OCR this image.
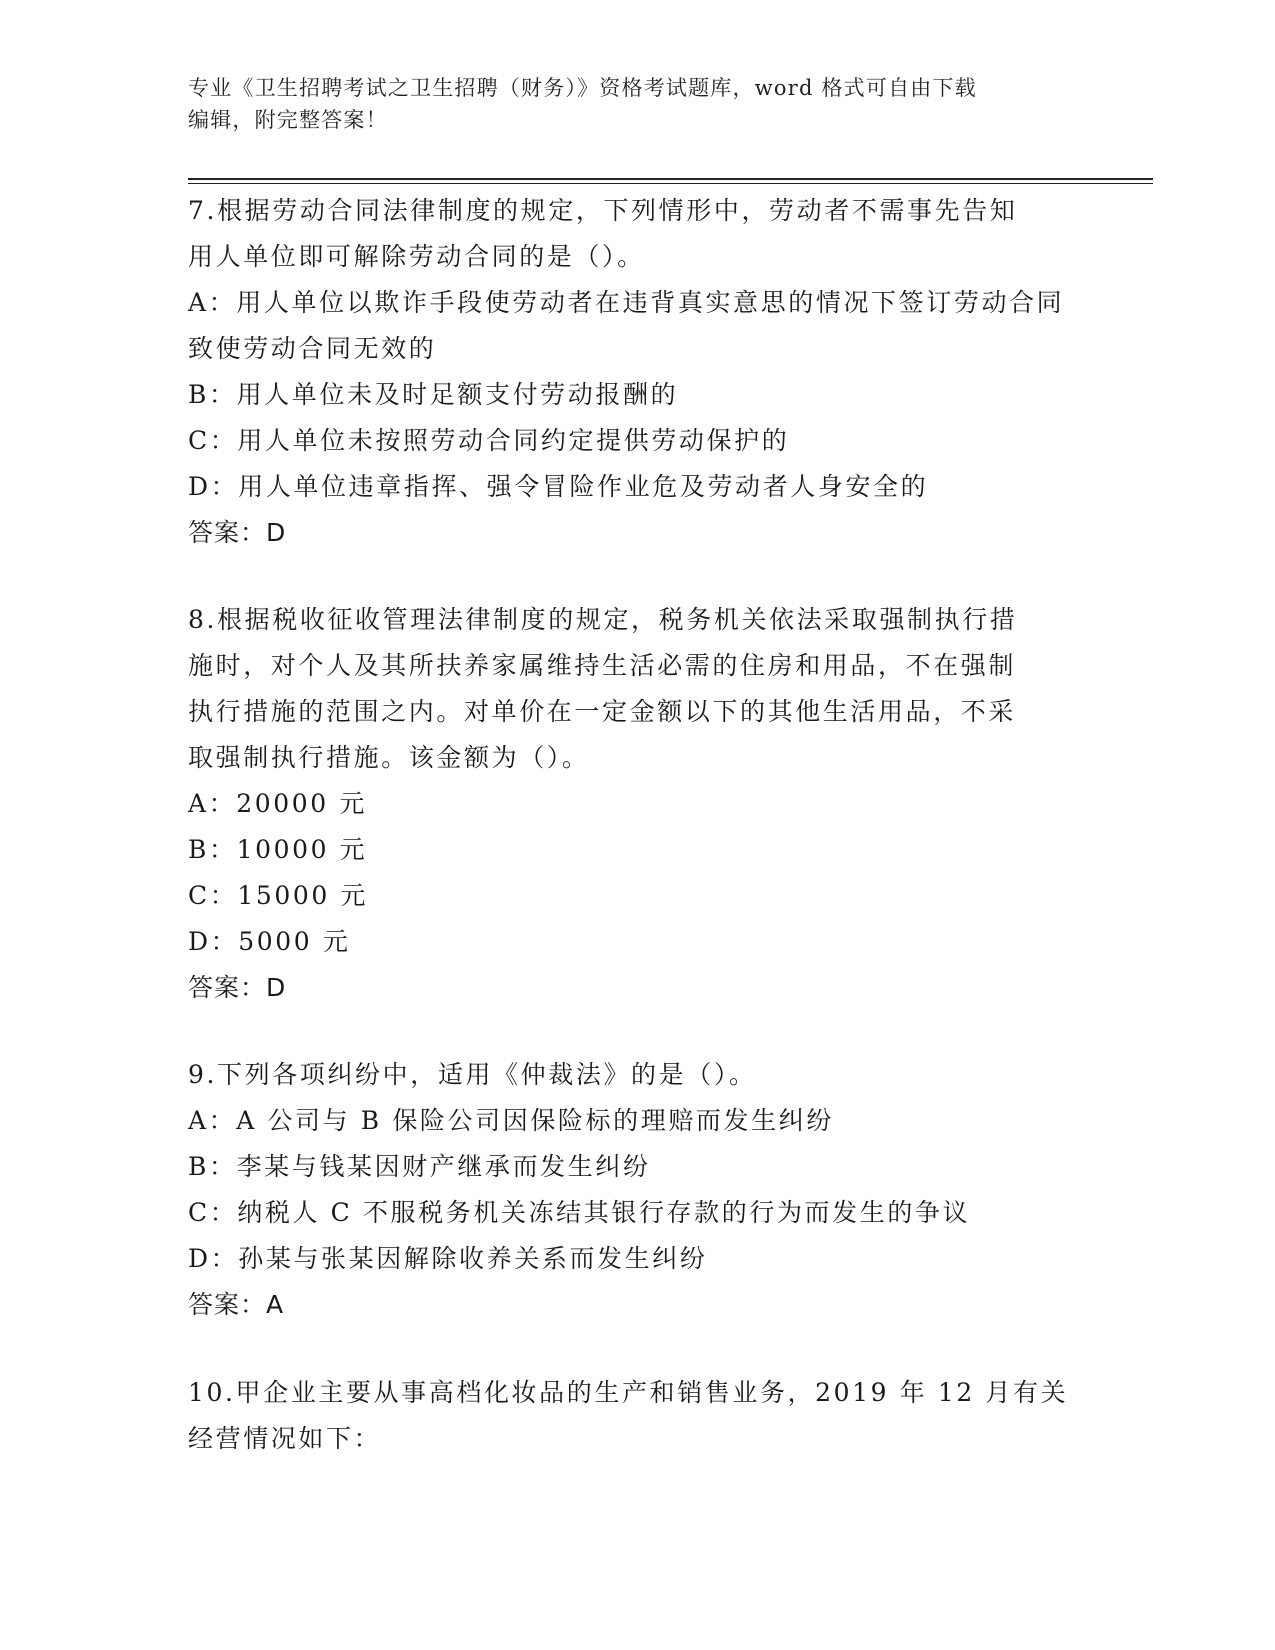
专业《卫生招聘考试之卫生招聘（财务）》资格考试题库，word 格式可自由下载
编辑，附完整答案！

7.根据劳动合同法律制度的规定，下列情形中，劳动者不需事先告知

用人单位即可解除劳动合同的是（）。

A：用人单位以欺诈手段使劳动者在违背真实意思的情况下签订劳动合同致使劳动合同无效的

B：用人单位未及时足额支付劳动报酬的

C：用人单位未按照劳动合同约定提供劳动保护的

D：用人单位违章指挥、强令冒险作业危及劳动者人身安全的

答案：D

8.根据税收征收管理法律制度的规定，税务机关依法采取强制执行措

施时，对个人及其所扶养家属维持生活必需的住房和用品，不在强制

执行措施的范围之内。对单价在一定金额以下的其他生活用品，不采

取强制执行措施。该金额为（）。

A：20000 元

B：10000 元

C：15000 元

D：5000 元

答案：D

9.下列各项纠纷中，适用《仲裁法》的是（）。

A：A 公司与 B 保险公司因保险标的理赔而发生纠纷

B：李某与钱某因财产继承而发生纠纷

C：纳税人 C 不服税务机关冻结其银行存款的行为而发生的争议

D：孙某与张某因解除收养关系而发生纠纷

答案：A

10.甲企业主要从事高档化妆品的生产和销售业务，2019 年 12 月有关

经营情况如下：
